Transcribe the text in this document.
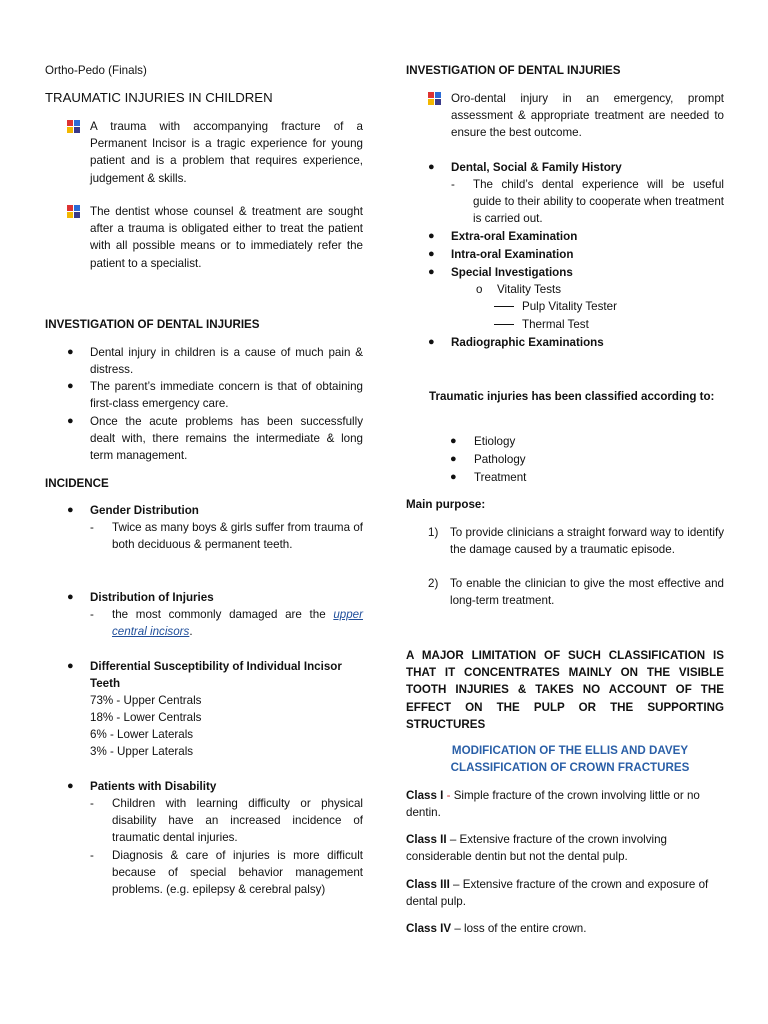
Ortho-Pedo (Finals)
TRAUMATIC INJURIES IN CHILDREN
A trauma with accompanying fracture of a Permanent Incisor is a tragic experience for young patient and is a problem that requires experience, judgement & skills.
The dentist whose counsel & treatment are sought after a trauma is obligated either to treat the patient with all possible means or to immediately refer the patient to a specialist.
INVESTIGATION OF DENTAL INJURIES
●	Dental injury in children is a cause of much pain & distress.
●	The parent’s immediate concern is that of obtaining first-class emergency care.
●	Once the acute problems has been successfully dealt with, there remains the intermediate & long term management.
INCIDENCE
●	Gender Distribution
-	Twice as many boys & girls suffer from trauma of both deciduous & permanent teeth.
●	Distribution of Injuries
-	the most commonly damaged are the upper central incisors.
●	Differential Susceptibility of Individual Incisor Teeth
73% - Upper Centrals
18% - Lower Centrals
6% - Lower Laterals
3% - Upper Laterals
●	Patients with Disability
-	Children with learning difficulty or physical disability have an increased incidence of traumatic dental injuries.
-	Diagnosis & care of injuries is more difficult because of special behavior management problems. (e.g. epilepsy & cerebral palsy)
INVESTIGATION OF DENTAL INJURIES
Oro-dental injury in an emergency, prompt assessment & appropriate treatment are needed to ensure the best outcome.
●	Dental, Social & Family History
-	The child’s dental experience will be useful guide to their ability to cooperate when treatment is carried out.
●	Extra-oral Examination
●	Intra-oral Examination
●	Special Investigations
o	Vitality Tests
Pulp Vitality Tester
Thermal Test
●	Radiographic Examinations
Traumatic injuries has been classified according to:
●	Etiology
●	Pathology
●	Treatment
Main purpose:
1)	To provide clinicians a straight forward way to identify the damage caused by a traumatic episode.
2)	To enable the clinician to give the most effective and long-term treatment.
A MAJOR LIMITATION OF SUCH CLASSIFICATION IS THAT IT CONCENTRATES MAINLY ON THE VISIBLE TOOTH INJURIES & TAKES NO ACCOUNT OF THE EFFECT ON THE PULP OR THE SUPPORTING STRUCTURES
MODIFICATION OF THE ELLIS AND DAVEY CLASSIFICATION OF CROWN FRACTURES
Class I - Simple fracture of the crown involving little or no dentin.
Class II – Extensive fracture of the crown involving considerable dentin but not the dental pulp.
Class III – Extensive fracture of the crown and exposure of dental pulp.
Class IV – loss of the entire crown.
